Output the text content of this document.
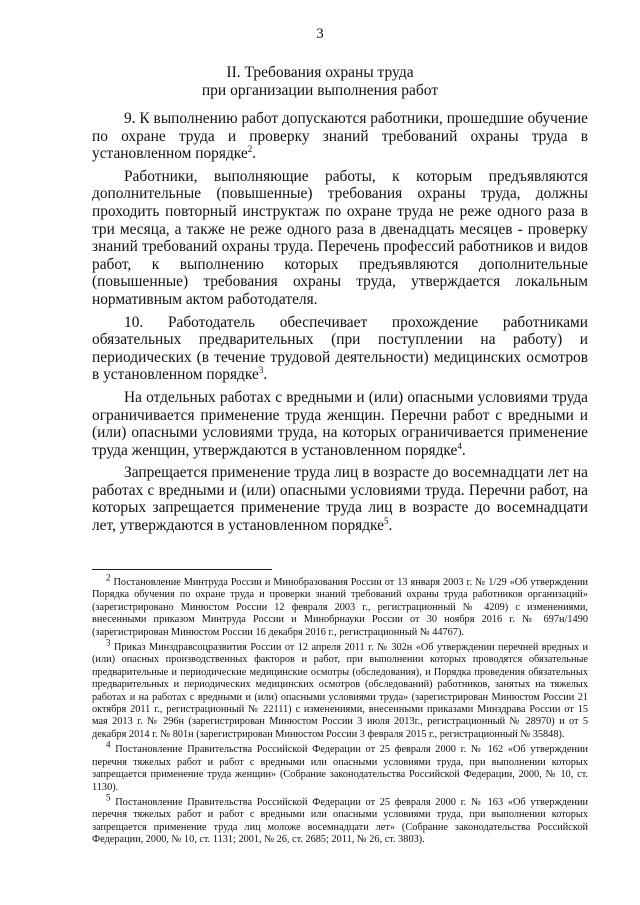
3
II. Требования охраны труда
при организации выполнения работ

9. К выполнению работ допускаются работники, прошедшие обучение по охране труда и проверку знаний требований охраны труда в установленном порядке$^2$.

Работники, выполняющие работы, к которым предъявляются дополнительные (повышенные) требования охраны труда, должны проходить повторный инструктаж по охране труда не реже одного раза в три месяца, а также не реже одного раза в двенадцать месяцев - проверку знаний требований охраны труда. Перечень профессий работников и видов работ, к выполнению которых предъявляются дополнительные (повышенные) требования охраны труда, утверждается локальным нормативным актом работодателя.

10. Работодатель обеспечивает прохождение работниками обязательных предварительных (при поступлении на работу) и периодических (в течение трудовой деятельности) медицинских осмотров в установленном порядке$^3$.

На отдельных работах с вредными и (или) опасными условиями труда ограничивается применение труда женщин. Перечни работ с вредными и (или) опасными условиями труда, на которых ограничивается применение труда женщин, утверждаются в установленном порядке$^4$.

Запрещается применение труда лиц в возрасте до восемнадцати лет на работах с вредными и (или) опасными условиями труда. Перечни работ, на которых запрещается применение труда лиц в возрасте до восемнадцати лет, утверждаются в установленном порядке$^5$.

$^2$ Постановление Минтруда России и Минобразования России от 13 января 2003 г. № 1/29 «Об утверждении Порядка обучения по охране труда и проверки знаний требований охраны труда работников организаций» (зарегистрировано Минюстом России 12 февраля 2003 г., регистрационный № 4209) с изменениями, внесенными приказом Минтруда России и Минобрнауки России от 30 ноября 2016 г. № 697н/1490 (зарегистрирован Минюстом России 16 декабря 2016 г., регистрационный № 44767).

$^3$ Приказ Минздравсоцразвития России от 12 апреля 2011 г. № 302н «Об утверждении перечней вредных и (или) опасных производственных факторов и работ, при выполнении которых проводятся обязательные предварительные и периодические медицинские осмотры (обследования), и Порядка проведения обязательных предварительных и периодических медицинских осмотров (обследований) работников, занятых на тяжелых работах и на работах с вредными и (или) опасными условиями труда» (зарегистрирован Минюстом России 21 октября 2011 г., регистрационный № 22111) с изменениями, внесенными приказами Минздрава России от 15 мая 2013 г. № 296н (зарегистрирован Минюстом России 3 июля 2013г., регистрационный № 28970) и от 5 декабря 2014 г. № 801н (зарегистрирован Минюстом России 3 февраля 2015 г., регистрационный № 35848).

$^4$ Постановление Правительства Российской Федерации от 25 февраля 2000 г. № 162 «Об утверждении перечня тяжелых работ и работ с вредными или опасными условиями труда, при выполнении которых запрещается применение труда женщин» (Собрание законодательства Российской Федерации, 2000, № 10, ст. 1130).

$^5$ Постановление Правительства Российской Федерации от 25 февраля 2000 г. № 163 «Об утверждении перечня тяжелых работ и работ с вредными или опасными условиями труда, при выполнении которых запрещается применение труда лиц моложе восемнадцати лет» (Собрание законодательства Российской Федерации, 2000, № 10, ст. 1131; 2001, № 26, ст. 2685; 2011, № 26, ст. 3803).
